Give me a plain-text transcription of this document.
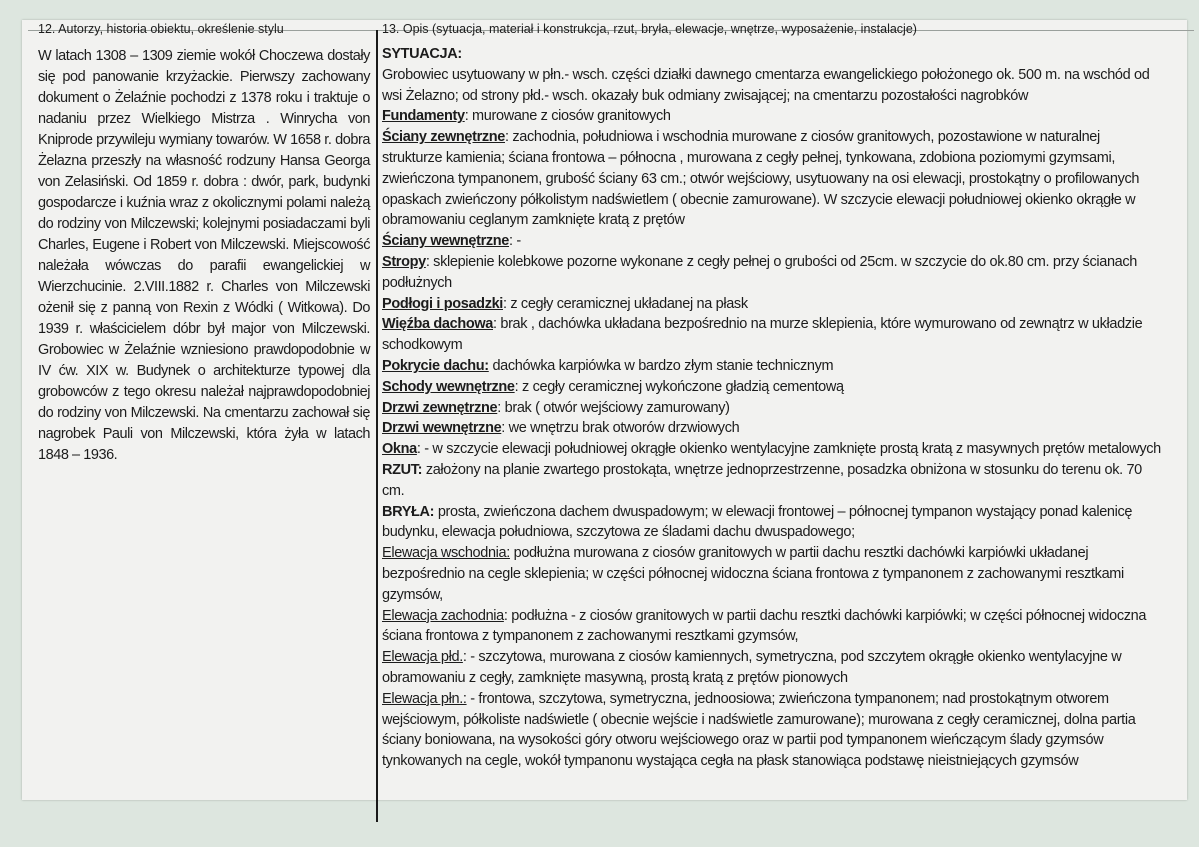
12. Autorzy, historia obiektu, określenie stylu
W latach 1308 – 1309 ziemie wokół Choczewa dostały się pod panowanie krzyżackie. Pierwszy zachowany dokument o Żelaźnie pochodzi z 1378 roku i traktuje o nadaniu przez Wielkiego Mistrza . Winrycha von Kniprode przywileju wymiany towarów. W 1658 r. dobra Żelazna przeszły na własność rodzuny Hansa Georga von Zelasiński. Od 1859 r. dobra : dwór, park, budynki gospodarcze i kuźnia wraz z okolicznymi polami należą do rodziny von Milczewski; kolejnymi posiadaczami byli Charles, Eugene i Robert von Milczewski. Miejscowość należała wówczas do parafii ewangelickiej w Wierzchucinie. 2.VIII.1882 r. Charles von Milczewski ożenił się z panną von Rexin z Wódki ( Witkowa). Do 1939 r. właścicielem dóbr był major von Milczewski. Grobowiec w Żelaźnie wzniesiono prawdopodobnie w IV ćw. XIX w. Budynek o architekturze typowej dla grobowców z tego okresu należał najprawdopodobniej do rodziny von Milczewski. Na cmentarzu zachował się nagrobek Pauli von Milczewski, która żyła w latach 1848 – 1936.
13. Opis (sytuacja, materiał i konstrukcja, rzut, bryła, elewacje, wnętrze, wyposażenie, instalacje)
SYTUACJA:
Grobowiec usytuowany w płn.- wsch. części działki dawnego cmentarza ewangelickiego położonego ok. 500 m. na wschód od wsi Żelazno; od strony płd.- wsch. okazały buk odmiany zwisającej; na cmentarzu pozostałości nagrobków
Fundamenty: murowane z ciosów granitowych
Ściany zewnętrzne: zachodnia, południowa i wschodnia murowane z ciosów granitowych, pozostawione w naturalnej strukturze kamienia; ściana frontowa – północna , murowana z cegły pełnej, tynkowana, zdobiona poziomymi gzymsami, zwieńczona tympanonem, grubość ściany 63 cm.; otwór wejściowy, usytuowany na osi elewacji, prostokątny o profilowanych opaskach zwieńczony półkolistym nadświetlem ( obecnie zamurowane). W szczycie elewacji południowej okienko okrągłe w obramowaniu ceglanym zamknięte kratą z prętów
Ściany wewnętrzne: -
Stropy: sklepienie kolebkowe pozorne wykonane z cegły pełnej o grubości od 25cm. w szczycie do ok.80 cm. przy ścianach podłużnych
Podłogi i posadzki: z cegły ceramicznej układanej na płask
Więźba dachowa: brak , dachówka układana bezpośrednio na murze sklepienia, które wymurowano od zewnątrz w układzie schodkowym
Pokrycie dachu: dachówka karpiówka w bardzo złym stanie technicznym
Schody wewnętrzne: z cegły ceramicznej wykończone gładzią cementową
Drzwi zewnętrzne: brak ( otwór wejściowy zamurowany)
Drzwi wewnętrzne: we wnętrzu brak otworów drzwiowych
Okna: - w szczycie elewacji południowej okrągłe okienko wentylacyjne zamknięte prostą kratą z masywnych prętów metalowych
RZUT: założony na planie zwartego prostokąta, wnętrze jednoprzestrzenne, posadzka obniżona w stosunku do terenu ok. 70 cm.
BRYŁA: prosta, zwieńczona dachem dwuspadowym; w elewacji frontowej – północnej tympanon wystający ponad kalenicę budynku, elewacja południowa, szczytowa ze śladami dachu dwuspadowego;
Elewacja wschodnia: podłużna murowana z ciosów granitowych w partii dachu resztki dachówki karpiówki układanej bezpośrednio na cegle sklepienia; w części północnej widoczna ściana frontowa z tympanonem z zachowanymi resztkami gzymsów,
Elewacja zachodnia: podłużna - z ciosów granitowych w partii dachu resztki dachówki karpiówki; w części północnej widoczna ściana frontowa z tympanonem z zachowanymi resztkami gzymsów,
Elewacja płd.: - szczytowa, murowana z ciosów kamiennych, symetryczna, pod szczytem okrągłe okienko wentylacyjne w obramowaniu z cegły, zamknięte masywną, prostą kratą z prętów pionowych
Elewacja płn.: - frontowa, szczytowa, symetryczna, jednoosiowa; zwieńczona tympanonem; nad prostokątnym otworem wejściowym, półkoliste nadświetle ( obecnie wejście i nadświetle zamurowane); murowana z cegły ceramicznej, dolna partia ściany boniowana, na wysokości góry otworu wejściowego oraz w partii pod tympanonem wieńczącym ślady gzymsów tynkowanych na cegle, wokół tympanonu wystająca cegła na płask stanowiąca podstawę nieistniejących gzymsów
